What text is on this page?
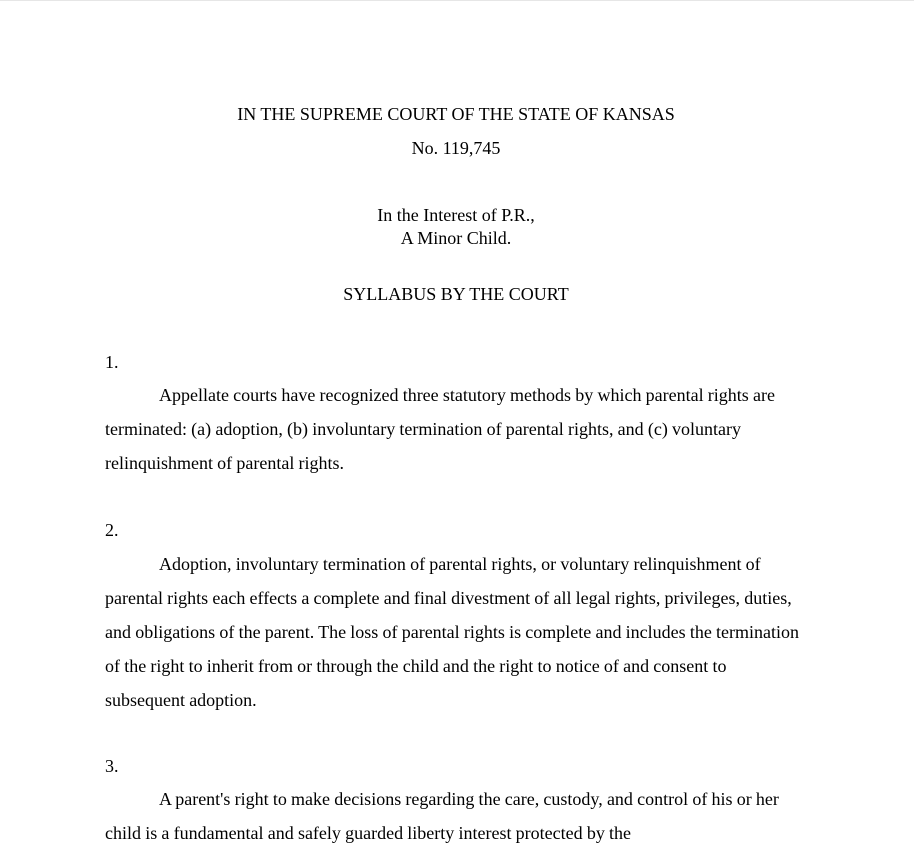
IN THE SUPREME COURT OF THE STATE OF KANSAS
No. 119,745
In the Interest of P.R.,
A Minor Child.
SYLLABUS BY THE COURT
1.

Appellate courts have recognized three statutory methods by which parental rights are terminated: (a) adoption, (b) involuntary termination of parental rights, and (c) voluntary relinquishment of parental rights.

2.

Adoption, involuntary termination of parental rights, or voluntary relinquishment of parental rights each effects a complete and final divestment of all legal rights, privileges, duties, and obligations of the parent. The loss of parental rights is complete and includes the termination of the right to inherit from or through the child and the right to notice of and consent to subsequent adoption.

3.

A parent's right to make decisions regarding the care, custody, and control of his or her child is a fundamental and safely guarded liberty interest protected by the
